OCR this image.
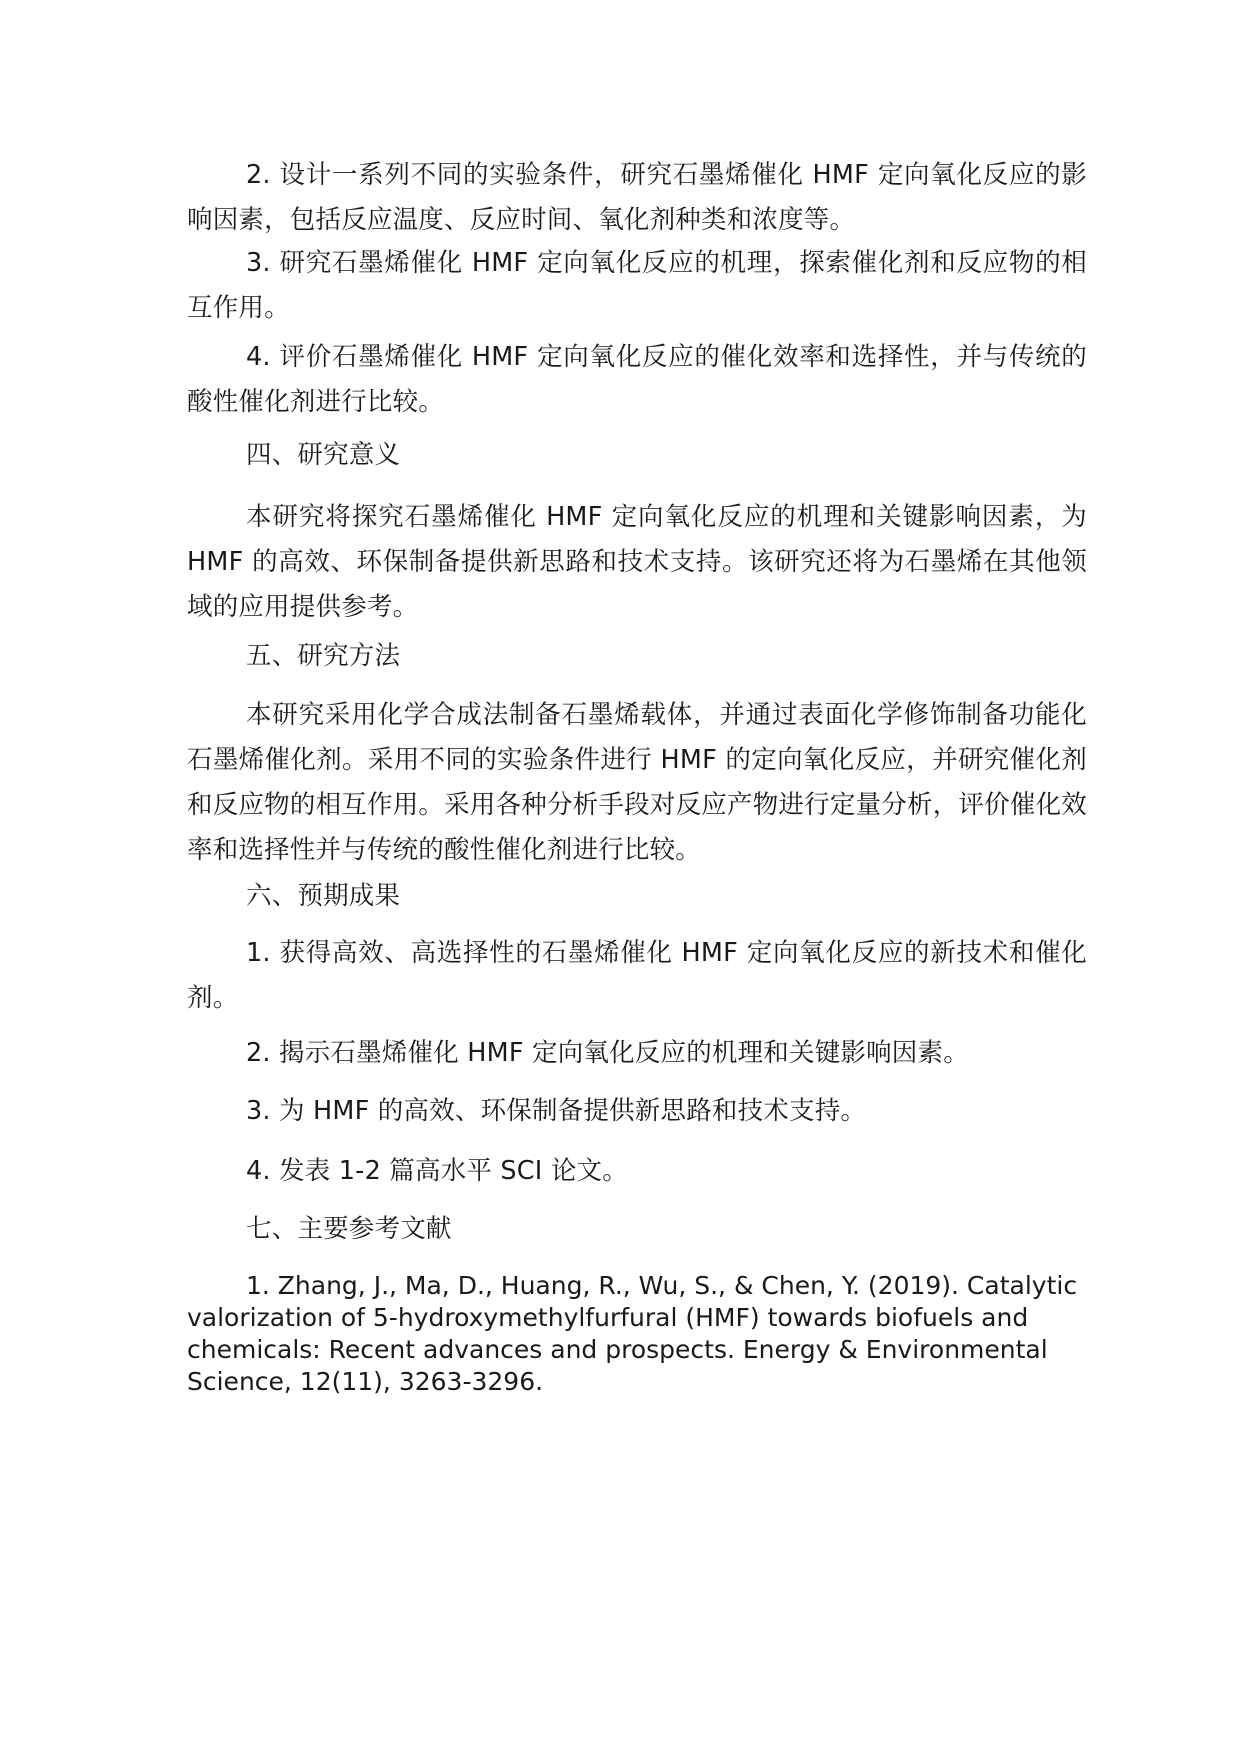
2. 设计一系列不同的实验条件，研究石墨烯催化 HMF 定向氧化反应的影响因素，包括反应温度、反应时间、氧化剂种类和浓度等。

3. 研究石墨烯催化 HMF 定向氧化反应的机理，探索催化剂和反应物的相互作用。

4. 评价石墨烯催化 HMF 定向氧化反应的催化效率和选择性，并与传统的酸性催化剂进行比较。

四、研究意义

本研究将探究石墨烯催化 HMF 定向氧化反应的机理和关键影响因素，为 HMF 的高效、环保制备提供新思路和技术支持。该研究还将为石墨烯在其他领域的应用提供参考。

五、研究方法

本研究采用化学合成法制备石墨烯载体，并通过表面化学修饰制备功能化石墨烯催化剂。采用不同的实验条件进行 HMF 的定向氧化反应，并研究催化剂和反应物的相互作用。采用各种分析手段对反应产物进行定量分析，评价催化效率和选择性并与传统的酸性催化剂进行比较。

六、预期成果

1. 获得高效、高选择性的石墨烯催化 HMF 定向氧化反应的新技术和催化剂。

2. 揭示石墨烯催化 HMF 定向氧化反应的机理和关键影响因素。

3. 为 HMF 的高效、环保制备提供新思路和技术支持。

4. 发表 1-2 篇高水平 SCI 论文。

七、主要参考文献

1. Zhang, J., Ma, D., Huang, R., Wu, S., & Chen, Y. (2019). Catalytic valorization of 5-hydroxymethylfurfural (HMF) towards biofuels and chemicals: Recent advances and prospects. Energy & Environmental Science, 12(11), 3263-3296.
